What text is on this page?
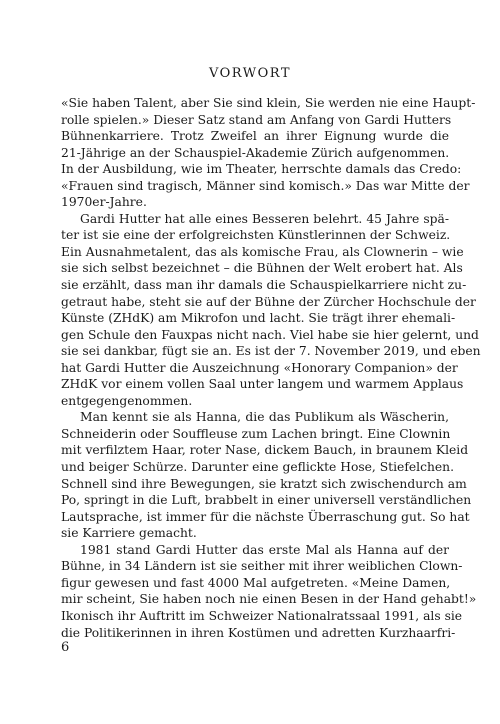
VORWORT
«Sie haben Talent, aber Sie sind klein, Sie werden nie eine Haupt-
rolle spielen.» Dieser Satz stand am Anfang von Gardi Hutters
Bühnenkarriere. Trotz Zweifel an ihrer Eignung wurde die
21-Jährige an der Schauspiel-Akademie Zürich aufgenommen.
In der Ausbildung, wie im Theater, herrschte damals das Credo:
«Frauen sind tragisch, Männer sind komisch.» Das war Mitte der
1970er-Jahre.
Gardi Hutter hat alle eines Besseren belehrt. 45 Jahre spä-
ter ist sie eine der erfolgreichsten Künstlerinnen der Schweiz.
Ein Ausnahmetalent, das als komische Frau, als Clownerin – wie
sie sich selbst bezeichnet – die Bühnen der Welt erobert hat. Als
sie erzählt, dass man ihr damals die Schauspielkarriere nicht zu-
getraut habe, steht sie auf der Bühne der Zürcher Hochschule der
Künste (ZHdK) am Mikrofon und lacht. Sie trägt ihrer ehemali-
gen Schule den Fauxpas nicht nach. Viel habe sie hier gelernt, und
sie sei dankbar, fügt sie an. Es ist der 7. November 2019, und eben
hat Gardi Hutter die Auszeichnung «Honorary Companion» der
ZHdK vor einem vollen Saal unter langem und warmem Applaus
entgegengenommen.
Man kennt sie als Hanna, die das Publikum als Wäscherin,
Schneiderin oder Souffleuse zum Lachen bringt. Eine Clownin
mit verfilztem Haar, roter Nase, dickem Bauch, in braunem Kleid
und beiger Schürze. Darunter eine geflickte Hose, Stiefelchen.
Schnell sind ihre Bewegungen, sie kratzt sich zwischendurch am
Po, springt in die Luft, brabbelt in einer universell verständlichen
Lautsprache, ist immer für die nächste Überraschung gut. So hat
sie Karriere gemacht.
1981 stand Gardi Hutter das erste Mal als Hanna auf der
Bühne, in 34 Ländern ist sie seither mit ihrer weiblichen Clown-
figur gewesen und fast 4000 Mal aufgetreten. «Meine Damen,
mir scheint, Sie haben noch nie einen Besen in der Hand gehabt!»
Ikonisch ihr Auftritt im Schweizer Nationalratssaal 1991, als sie
die Politikerinnen in ihren Kostümen und adretten Kurzhaarfri-
6
